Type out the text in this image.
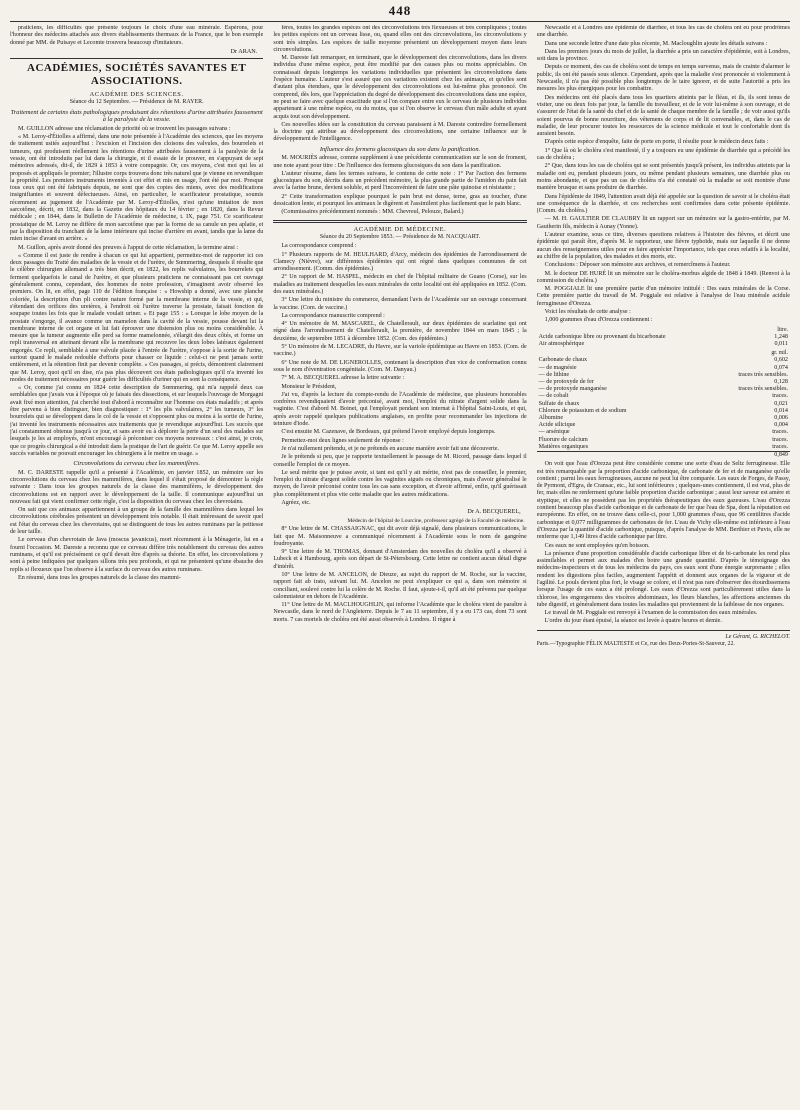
448

praticiens, les difficultés que présente toujours le choix d'une eau minérale. Espérons, pour l'honneur des médecins attachés aux divers établissements thermaux de la France, que le bon exemple donné par MM. de Puisaye et Lecomte trouvera beaucoup d'imitateurs.

Dr ARAN.
ACADÉMIES, SOCIÉTÉS SAVANTES ET ASSOCIATIONS.
ACADÉMIE DES SCIENCES.
Séance du 12 Septembre. — Présidence de M. RAYER.
Traitement de certains états pathologiques produisant des rétentions d'urine attribuées faussement à la paralysie de la vessie.

M. GUILLON adresse une réclamation de priorité où se trouvent les passages suivans :

« M. Leroy-d'Étiolles a affirmé, dans une note présentée à l'Académie des sciences, que les moyens de traitement usités aujourd'hui : l'excision et l'incision des cloisons des valvules, des bourrelets et tumeurs, qui produisent réellement les rétentions d'urine attribuées faussement à la paralysie de la vessie, ont été introduits par lui dans la chirurgie, et il essaie de le prouver, en s'appuyant de sept mémoires adressés, dit-il, de 1829 à 1853 à votre compagnie. Or, ces moyens, c'est moi qui les ai proposés et appliqués le premier; l'illustre corps trouvera donc très naturel que je vienne en revendiquer la propriété. Les premiers instruments inventés à cet effet et mis en usage, l'ont été par moi. Presque tous ceux qui ont été fabriqués depuis, ne sont que des copies des miens, avec des modifications insignifiantes et souvent défectueuses. Ainsi, en particulier, le scarificateur prostatique, soumis récemment au jugement de l'Académie par M. Leroy-d'Étiolles, n'est qu'une imitation de mon sarcotôme, décrit, en 1832, dans la Gazette des hôpitaux du 14 février ; en 1820, dans la Revue médicale ; en 1844, dans le Bulletin de l'Académie de médecine, t. IX, page 751. Ce scarificateur prostatique de M. Leroy ne diffère de mon sarcotôme que par la forme de sa canule un peu aplatie, et par la disposition du tranchant de la lame intérieure qui incise d'arrière en avant, tandis que la lame du mien incise d'avant en arrière. »

M. Guillon, après avoir donné des preuves à l'appui de cette réclamation, la termine ainsi :

« Comme il est juste de rendre à chacun ce qui lui appartient, permettez-moi de rapporter ici ces deux passages du Traité des maladies de la vessie et de l'urètre, de Sœmmering, desquels il résulte que le célèbre chirurgien allemand a très bien décrit, en 1822, les replis valvulaires, les bourrelets qui ferment quelquefois le canal de l'urètre, et que plusieurs praticiens ne connaissant pas cet ouvrage généralement connu, cependant, des hommes de notre profession, s'imaginent avoir observé les premiers. On lit, en effet, page 110 de l'édition française : « Howship a donné, avec une planche coloriée, la description d'un pli contre nature formé par la membrane interne de la vessie, et qui, s'étendant des orifices des uretères, à l'endroit où l'urètre traverse la prostate, faisait fonction de soupape toutes les fois que le malade voulait uriner. » Et page 155 : « Lorsque le lobe moyen de la prostate s'engorge, il avance comme un mamelon dans la cavité de la vessie, pousse devant lui la membrane interne de cet organe et lui fait éprouver une distension plus ou moins considérable. À mesure que la tumeur augmente elle perd sa forme mamelonnée, s'élargit des deux côtés, et forme un repli transversal en atteinant devant elle la membrane qui recouvre les deux lobes latéraux également engorgés. Ce repli, semblable à une valvule placée à l'entrée de l'urètre, s'oppose à la sortie de l'urine, surtout quand le malade redouble d'efforts pour chasser ce liquide : celui-ci ne peut jamais sortir entièrement, et la rétention finit par devenir complète. » Ces passages, si précis, démontrent clairement que M. Leroy, quoi qu'il en dise, n'a pas plus découvert ces états pathologiques qu'il n'a inventé les modes de traitement nécessaires pour guérir les difficultés d'uriner qui en sont la conséquence.

« Or, comme j'ai connu en 1824 cette description de Sœmmering, qui m'a rappelé deux cas semblables que j'avais vus à l'époque où je faisais des dissections, et sur lesquels l'ouvrage de Morgagni avait fixé mon attention, j'ai cherché tout d'abord à reconnaître sur l'homme ces états maladifs ; et après être parvenu à bien distinguer, bien diagnostiquer : 1° les plis valvulaires, 2° les tumeurs, 3° les bourrelets qui se développent dans le col de la vessie et s'opposent plus ou moins à la sortie de l'urine, j'ai inventé les instruments nécessaires aux traitements que je revendique aujourd'hui. Les succès que j'ai constamment obtenus jusqu'à ce jour, et sans avoir eu à déplorer la perte d'un seul des malades sur lesquels je les ai employés, m'ont encouragé à préconiser ces moyens nouveaux : c'est ainsi, je crois, que ce progrès chirurgical a été introduit dans la pratique de l'art de guérir. Ce que M. Leroy appelle ses succès variables ne pouvait encourager les chirurgiens à le mettre en usage. »

Circonvolutions du cerveau chez les mammifères.

M. C. DARESTE rappelle qu'il a présenté à l'Académie, en janvier 1852, un mémoire sur les circonvolutions du cerveau chez les mammifères, dans lequel il s'était proposé de démontrer la règle suivante : Dans tous les groupes naturels de la classe des mammifères, le développement des circonvolutions est en rapport avec le développement de la taille. Il communique aujourd'hui un nouveau fait qui vient confirmer cette règle, c'est la disposition du cerveau chez les chevrotains.

On sait que ces animaux appartiennent à un groupe de la famille des mammifères dans lequel les circonvolutions cérébrales présentent un développement très notable. Il était intéressant de savoir quel est l'état du cerveau chez les chevrotains, qui se distinguent de tous les autres ruminans par la petitesse de leur taille.

Le cerveau d'un chevrotain de Java (moscus javanicus), mort récemment à la Ménagerie, lui en a fourni l'occasion. M. Dareste a reconnu que ce cerveau diffère très notablement du cerveau des autres ruminans, et qu'il est précisément ce qu'il devait être d'après sa théorie. En effet, les circonvolutions y sont à peine indiquées par quelques sillons très peu profonds, et qui ne présentent qu'une ébauche des replis si flexueux que l'on observe à la surface du cerveau des autres ruminans.

En résumé, dans tous les groupes naturels de la classe des mammi-

fères, toutes les grandes espèces ont des circonvolutions très flexueuses et très compliquées ; toutes les petites espèces ont un cerveau lisse, ou, quand elles ont des circonvolutions, les circonvolutions y sont très simples. Les espèces de taille moyenne présentent un développement moyen dans leurs circonvolutions.

M. Dareste fait remarquer, en terminant, que le développement des circonvolutions, dans les divers individus d'une même espèce, peut être modifié par des causes plus ou moins appréciables. On connaissait depuis longtemps les variations individuelles que présentent les circonvolutions dans l'espèce humaine. L'auteur s'est assuré que ces variations existent chez les animaux, et qu'elles sont d'autant plus étendues, que le développement des circonvolutions est lui-même plus prononcé. On comprend, dès lors, que l'appréciation du degré de développement des circonvolutions dans une espèce, ne peut se faire avec quelque exactitude que si l'on compare entre eux le cerveau de plusieurs individus appartenant à une même espèce, ou du moins, que si l'on observe le cerveau d'un mâle adulte et ayant acquis tout son développement.

Ces nouvelles idées sur la constitution du cerveau paraissent à M. Dareste contredire formellement la doctrine qui attribue au développement des circonvolutions, une certaine influence sur le développement de l'intelligence.

Influence des fermens glucosiques du son dans la panification.

M. MOURIÈS adresse, comme supplément à une précédente communication sur le son de froment, une note ayant pour titre : De l'influence des fermens glucosiques du son dans la panification.

L'auteur résume, dans les termes suivans, le contenu de cette note : 1° Par l'action des fermens glucosiques du son, décrits dans un précédent mémoire, la plus grande partie de l'amidon du pain fait avec la farine brune, devient soluble, et perd l'inconvénient de faire une pâte quinoise et résistante ;

2° Cette transformation explique pourquoi le pain brut est dense, terne, gras au toucher, d'une dessication lente, et pourquoi les animaux le digèrent et l'assimilent plus facilement que le pain blanc.

(Commissaires précédemment nommés : MM. Chevreul, Pelouze, Balard.)

ACADÉMIE DE MÉDECINE.
Séance du 20 Septembre 1853. — Présidence de M. NACQUART.

La correspondance comprend :

1° Plusieurs rapports de M. HEULHARD, d'Arcy, médecin des épidémies de l'arrondissement de Clamecy (Nièvre), sur différentes épidémies qui ont régné dans quelques communes de cet arrondissement. (Comm. des épidémies.)

2° Un rapport de M. HASPEL, médecin en chef de l'hôpital militaire de Guano (Corse), sur les maladies au traitement desquelles les eaux minérales de cette localité ont été appliquées en 1852. (Com. des eaux minérales.)

3° Une lettre du ministre du commerce, demandant l'avis de l'Académie sur un ouvrage concernant la vaccine. (Com. de vaccine.)

La correspondance manuscrite comprend :

4° Un mémoire de M. MASCAREL, de Chatellerault, sur deux épidémies de scarlatine qui ont régné dans l'arrondissement de Chatellerault, la première, de novembre 1844 en mars 1845 ; la deuxième, de septembre 1851 à décembre 1852. (Com. des épidémies.)

5° Un mémoire de M. LECADRE, du Havre, sur la variole épidémique au Havre en 1853. (Com. de vaccine.)

6° Une note de M. DE LIGNEROLLES, contenant la description d'un vice de conformation connu sous le nom d'éventration congénitale. (Com. M. Danyau.)

7° M. A. BECQUEREL adresse la lettre suivante :

Monsieur le Président,

J'ai vu, d'après la lecture du compte-rendu de l'Académie de médecine, que plusieurs honorables confrères revendiquaient d'avoir préconisé, avant moi, l'emploi du nitrate d'argent solide dans la vaginite. C'est d'abord M. Boinet, qui l'employait pendant son internat à l'hôpital Saint-Louis, et qui, après avoir rappelé quelques publications anglaises, en profite pour recommander les injections de teinture d'iode.

C'est ensuite M. Cazenave, de Bordeaux, qui prétend l'avoir employé depuis longtemps.

Permettez-moi deux lignes seulement de réponse :

Je n'ai nullement prétendu, et je ne prétends en aucune manière avoir fait une découverte.

Je le prétends si peu, que je rapporte textuellement le passage de M. Ricord, passage dans lequel il conseille l'emploi de ce moyen.

Le seul mérite que je puisse avoir, si tant est qu'il y ait mérite, n'est pas de conseiller, le premier, l'emploi du nitrate d'argent solide contre les vaginites aiguës ou chroniques, mais d'avoir généralisé le moyen, de l'avoir préconisé contre tous les cas sans exception, et d'avoir affirmé, enfin, qu'il guérissait plus complètement et plus vite cette maladie que les autres médications.

Agréez, etc.

Dr A. BECQUEREL,
Médecin de l'hôpital de Lourcine, professeur agrégé de la Faculté de médecine.

8° Une lettre de M. CHASSAIGNAC, qui dit avoir déjà signalé, dans plusieurs communications, le fait que M. Maisonneuve a communiqué récemment à l'Académie sous le nom de gangrène foudroyante.

9° Une lettre de M. THOMAS, donnant d'Amsterdam des nouvelles du choléra qu'il a observé à Lubeck et à Hambourg, après son départ de St-Pétersbourg. Cette lettre ne contient aucun détail digne d'intérêt.

10° Une lettre de M. ANCELON, de Dieuze, au sujet du rapport de M. Roche, sur la vaccine, rapport fait ab irato, suivant lui. M. Ancelon ne peut s'expliquer ce qui a, dans son mémoire si conciliant, soulevé contre lui la colère de M. Roche. Il faut, ajoute-t-il, qu'il ait été prévenu par quelque calomniateur en dehors de l'Académie.

11° Une lettre de M. MACLHOUGHLIN, qui informe l'Académie que le choléra vient de paraître à Newcastle, dans le nord de l'Angleterre. Depuis le 7 au 11 septembre, il y a eu 173 cas, dont 73 sont morts. 7 cas mortels de choléra ont été aussi observés à Londres. Il règne à

Newcastle et à Londres une épidémie de diarrhée, et tous les cas de choléra ont eu pour prodrômes une diarrhée.

Dans une seconde lettre d'une date plus récente, M. Macloughlin ajoute les détails suivans :

Dans les premiers jours du mois de juillet, la diarrhée a pris un caractère d'épidémie, soit à Londres, soit dans la province.

Depuis ce moment, des cas de choléra sont de temps en temps survenus, mais de crainte d'alarmer le public, ils ont été passés sous silence. Cependant, après que la maladie s'est prononcée si violemment à Newcastle, il n'a pas été possible plus longtemps de le taire ignorer, et de suite l'autorité a pris les mesures les plus énergiques pour les combattre.

Des médecins ont été placés dans tous les quartiers atteints par le fléau, et ils, ils sont tenus de visiter, une ou deux fois par jour, la famille du travailleur, et de le voir lui-même à son ouvrage, et de s'assurer de l'état de la santé du chef et de la santé de chaque membre de la famille ; de voir aussi qu'ils soient pourvus de bonne nourriture, des vêtemens de corps et de lit convenables, et, dans le cas de maladie, de leur procurer toutes les ressources de la science médicale et tout le confortable dont ils auraient besoin.

D'après cette espèce d'enquête, faite de porte en porte, il résulte pour le médecin deux faits :

1° Que là où le choléra s'est manifesté, il y a toujours eu une épidémie de diarrhée qui a précédé les cas de choléra ;

2° Que, dans tous les cas de choléra qui se sont présentés jusqu'à présent, les individus atteints par la maladie ont eu, pendant plusieurs jours, ou même pendant plusieurs semaines, une diarrhée plus ou moins abondante, et que pas un cas de choléra n'a été constaté où la maladie se soit montrée d'une manière brusque et sans produire de diarrhée.

Dans l'épidémie de 1849, l'attention avait déjà été appelée sur la question de savoir si le choléra était une conséquence de la diarrhée, et ces recherches sont confirmées dans cette présente épidémie. (Comm. du choléra.)

— M. H. GAULTIER DE CLAUBRY lit un rapport sur un mémoire sur la gastro-entérite, par M. Gautherin fils, médecin à Aunay (Yonne).

L'auteur examine, sous ce titre, diverses questions relatives à l'histoire des fièvres, et décrit une épidémie qui paraît être, d'après M. le rapporteur, une fièvre typhoïde, mais sur laquelle il ne donne aucun des renseignemens utiles pour en faire apprécier l'importance, tels que ceux relatifs à la localité, au chiffre de la population, des malades et des morts, etc.

Conclusions : Déposer son mémoire aux archives, et remercîmens à l'auteur.

M. le docteur DE HURÉ lit un mémoire sur le choléra-morbus algide de 1848 à 1849. (Renvoi à la commission du choléra.)

M. POGGIALE lit une première partie d'un mémoire intitulé : Des eaux minérales de la Corse. Cette première partie du travail de M. Poggiale est relative à l'analyse de l'eau minérale acidule ferrugineuse d'Orezza.

Voici les résultats de cette analyse :

1,000 grammes d'eau d'Orezza contiennent :

	litre.
Acide carbonique libre ou provenant du bicarbonate	1,248
Air atmosphérique	0,011
	gr. mil.
Carbonate de chaux	0,602
— de magnésie	0,074
— de lithine	traces très sensibles.
— de protoxyde de fer	0,128
— de protoxyde manganèse	traces très sensibles.
— de cobalt	traces.
Sulfate de chaux	0,021
Chlorure de potassium et de sodium	0,014
Albumine	0,006
Acide silicique	0,004
— arsénique	traces.
Fluorure de calcium	traces.
Matières organiques	traces.
	0,849

On voit que l'eau d'Orezza peut être considérée comme une sorte d'eau de Seltz ferrugineuse. Elle est très remarquable par la proportion d'acide carbonique, de carbonate de fer et de manganèse qu'elle contient ; parmi les eaux ferrugineuses, aucune ne peut lui être comparée. Les eaux de Forges, de Passy, de Pyrmont, d'Egra, de Cransac, etc., lui sont inférieures ; quelques-unes contiennent, il est vrai, plus de fer, mais elles ne renferment qu'une faible proportion d'acide carbonique ; aussi leur saveur est amère et styptique, et elles ne possèdent pas les propriétés thérapeutiques des eaux gazeuses. L'eau d'Orezza contient beaucoup plus d'acide carbonique et de carbonate de fer que l'eau de Spa, dont la réputation est européenne. En effet, on ne trouve dans celle-ci, pour 1,000 grammes d'eau, que 96 centilitres d'acide carbonique et 0,077 milligrammes de carbonates de fer. L'eau de Vichy elle-même est inférieure à l'eau d'Orezza par la quantité d'acide carbonique, puisque, d'après l'analyse de MM. Berthier et Puvis, elle ne renferme que 1,149 litres d'acide carbonique par litre.

Ces eaux ne sont employées qu'en boisson.

La présence d'une proportion considérable d'acide carbonique libre et de bi-carbonate les rend plus assimilables et permet aux malades d'en boire une grande quantité. D'après le témoignage des médecins-inspecteurs et de tous les médecins du pays, ces eaux sont d'une énergie surprenante ; elles rendent les digestions plus faciles, augmentent l'appétit et donnent aux organes de la vigueur et de l'agilité. Le pouls devient plus fort, le visage se colore, et il n'est pas rare d'observer des étourdissemens lorsque l'usage de ces eaux a été prolongé. Les eaux d'Orezza sont particulièrement utiles dans la chlorose, les engorgemens des viscères abdominaux, les fleurs blanches, les affections anciennes du tube digestif, et généralement dans toutes les maladies qui proviennent de la faiblesse de nos organes.

Le travail de M. Poggiale est renvoyé à l'examen de la commission des eaux minérales.

L'ordre du jour étant épuisé, la séance est levée à quatre heures et demie.

Le Gérant, G. RICHELOT.
Paris.—Typographie FÉLIX MALTESTE et Ce, rue des Deux-Portes-St-Sauveur, 22.
